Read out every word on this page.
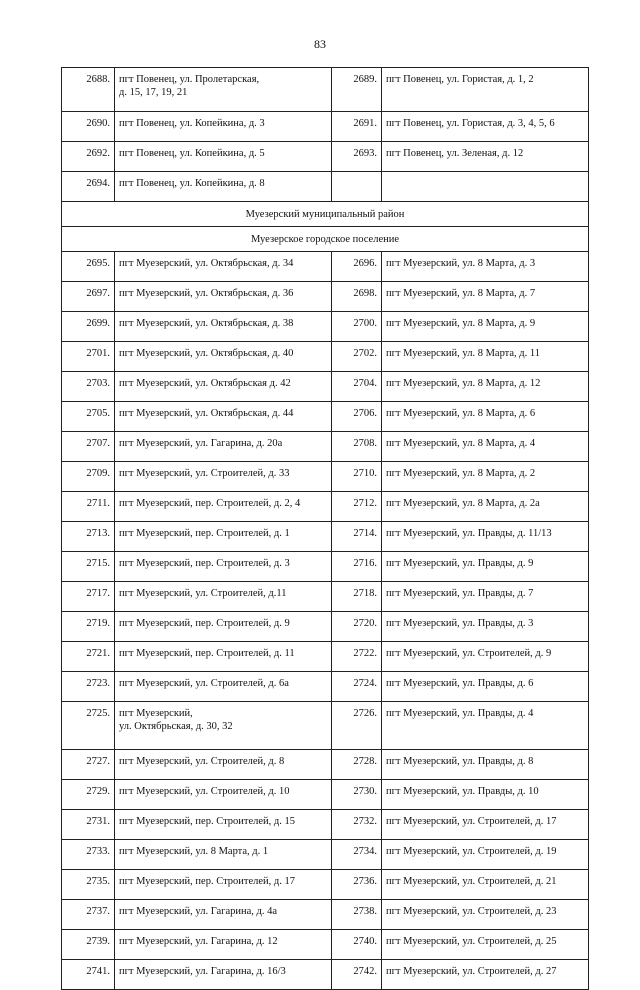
83
2688.	пгт Повенец, ул. Пролетарская,
д. 15, 17, 19, 21	2689.	пгт Повенец, ул. Гористая, д. 1, 2
2690.	пгт Повенец, ул. Копейкина, д. 3	2691.	пгт Повенец, ул. Гористая, д. 3, 4, 5, 6
2692.	пгт Повенец, ул. Копейкина, д. 5	2693.	пгт Повенец, ул. Зеленая, д. 12
2694.	пгт Повенец, ул. Копейкина, д. 8		
Муезерский муниципальный район			
Муезерское городское поселение			
2695.	пгт Муезерский, ул. Октябрьская, д. 34	2696.	пгт Муезерский, ул. 8 Марта, д. 3
2697.	пгт Муезерский, ул. Октябрьская, д. 36	2698.	пгт Муезерский, ул. 8 Марта, д. 7
2699.	пгт Муезерский, ул. Октябрьская, д. 38	2700.	пгт Муезерский, ул. 8 Марта, д. 9
2701.	пгт Муезерский, ул. Октябрьская, д. 40	2702.	пгт Муезерский, ул. 8 Марта, д. 11
2703.	пгт Муезерский, ул. Октябрьская д. 42	2704.	пгт Муезерский, ул. 8 Марта, д. 12
2705.	пгт Муезерский, ул. Октябрьская, д. 44	2706.	пгт Муезерский, ул. 8 Марта, д. 6
2707.	пгт Муезерский, ул. Гагарина, д. 20а	2708.	пгт Муезерский, ул. 8 Марта, д. 4
2709.	пгт Муезерский, ул. Строителей, д. 33	2710.	пгт Муезерский, ул. 8 Марта, д. 2
2711.	пгт Муезерский, пер. Строителей, д. 2, 4	2712.	пгт Муезерский, ул. 8 Марта, д. 2а
2713.	пгт Муезерский, пер. Строителей, д. 1	2714.	пгт Муезерский, ул. Правды, д. 11/13
2715.	пгт Муезерский, пер. Строителей, д. 3	2716.	пгт Муезерский, ул. Правды, д. 9
2717.	пгт Муезерский, ул. Строителей, д.11	2718.	пгт Муезерский, ул. Правды, д. 7
2719.	пгт Муезерский, пер. Строителей, д. 9	2720.	пгт Муезерский, ул. Правды, д. 3
2721.	пгт Муезерский, пер. Строителей, д. 11	2722.	пгт Муезерский, ул. Строителей, д. 9
2723.	пгт Муезерский, ул. Строителей, д. 6а	2724.	пгт Муезерский, ул. Правды, д. 6
2725.	пгт Муезерский,
ул. Октябрьская, д. 30, 32	2726.	пгт Муезерский, ул. Правды, д. 4
2727.	пгт Муезерский, ул. Строителей, д. 8	2728.	пгт Муезерский, ул. Правды, д. 8
2729.	пгт Муезерский, ул. Строителей, д. 10	2730.	пгт Муезерский, ул. Правды, д. 10
2731.	пгт Муезерский, пер. Строителей, д. 15	2732.	пгт Муезерский, ул. Строителей, д. 17
2733.	пгт Муезерский, ул. 8 Марта, д. 1	2734.	пгт Муезерский, ул. Строителей, д. 19
2735.	пгт Муезерский, пер. Строителей, д. 17	2736.	пгт Муезерский, ул. Строителей, д. 21
2737.	пгт Муезерский, ул. Гагарина, д. 4а	2738.	пгт Муезерский, ул. Строителей, д. 23
2739.	пгт Муезерский, ул. Гагарина, д. 12	2740.	пгт Муезерский, ул. Строителей, д. 25
2741.	пгт Муезерский, ул. Гагарина, д. 16/3	2742.	пгт Муезерский, ул. Строителей, д. 27
